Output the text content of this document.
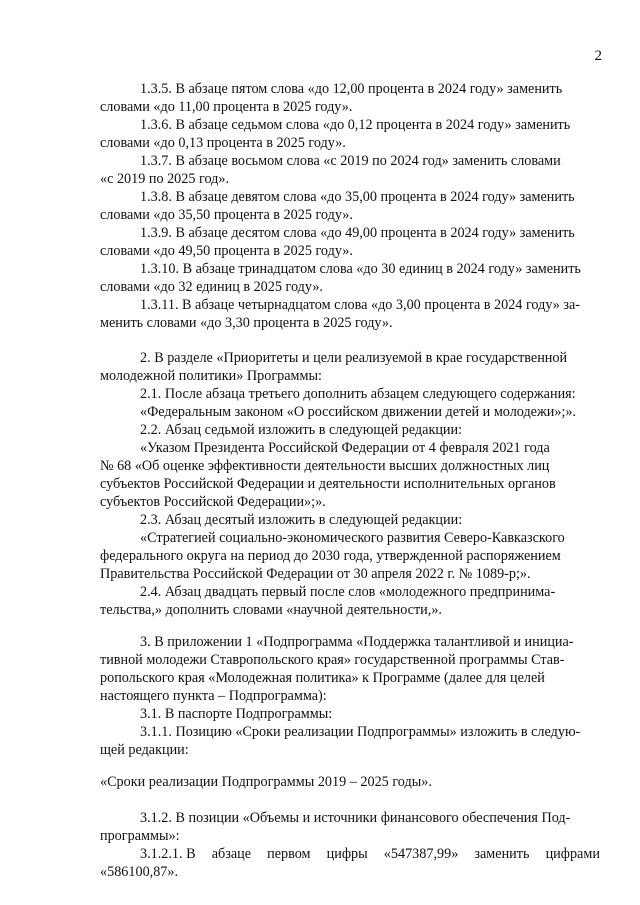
2
1.3.5. В абзаце пятом слова «до 12,00 процента в 2024 году» заменить
словами «до 11,00 процента в 2025 году».
1.3.6. В абзаце седьмом слова «до 0,12 процента в 2024 году» заменить
словами «до 0,13 процента в 2025 году».
1.3.7. В абзаце восьмом слова «с 2019 по 2024 год» заменить словами
«с 2019 по 2025 год».
1.3.8. В абзаце девятом слова «до 35,00 процента в 2024 году» заменить
словами «до 35,50 процента в 2025 году».
1.3.9. В абзаце десятом слова «до 49,00 процента в 2024 году» заменить
словами «до 49,50 процента в 2025 году».
1.3.10. В абзаце тринадцатом слова «до 30 единиц в 2024 году» заменить
словами «до 32 единиц в 2025 году».
1.3.11. В абзаце четырнадцатом слова «до 3,00 процента в 2024 году» за-
менить словами «до 3,30 процента в 2025 году».
2. В разделе «Приоритеты и цели реализуемой в крае государственной
молодежной политики» Программы:
2.1. После абзаца третьего дополнить абзацем следующего содержания:
«Федеральным законом «О российском движении детей и молодежи»;».
2.2. Абзац седьмой изложить в следующей редакции:
«Указом Президента Российской Федерации от 4 февраля 2021 года
№ 68 «Об оценке эффективности деятельности высших должностных лиц
субъектов Российской Федерации и деятельности исполнительных органов
субъектов Российской Федерации»;».
2.3. Абзац десятый изложить в следующей редакции:
«Стратегией социально-экономического развития Северо-Кавказского
федерального округа на период до 2030 года, утвержденной распоряжением
Правительства Российской Федерации от 30 апреля 2022 г. № 1089-р;».
2.4. Абзац двадцать первый после слов «молодежного предпринима-
тельства,» дополнить словами «научной деятельности,».
3. В приложении 1 «Подпрограмма «Поддержка талантливой и инициа-
тивной молодежи Ставропольского края» государственной программы Став-
ропольского края «Молодежная политика» к Программе (далее для целей
настоящего пункта – Подпрограмма):
3.1. В паспорте Подпрограммы:
3.1.1. Позицию «Сроки реализации Подпрограммы» изложить в следую-
щей редакции:
«Сроки реализации Подпрограммы 2019 – 2025 годы».
3.1.2. В позиции «Объемы и источники финансового обеспечения Под-
программы»:
3.1.2.1. В абзаце первом цифры «547387,99» заменить цифрами
«586100,87».
